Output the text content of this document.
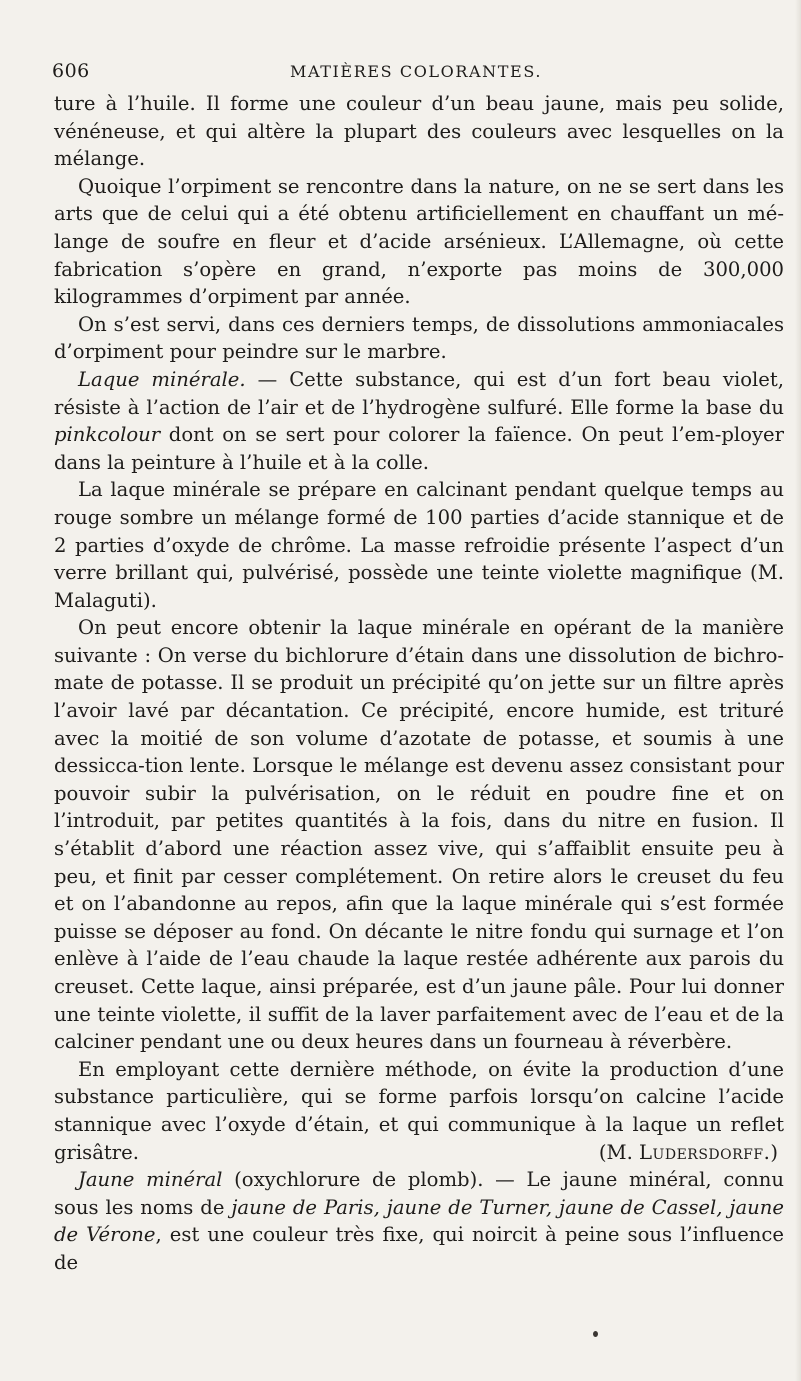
606	MATIÈRES COLORANTES.

ture à l’huile. Il forme une couleur d’un beau jaune, mais peu solide, vénéneuse, et qui altère la plupart des couleurs avec lesquelles on la mélange.

Quoique l’orpiment se rencontre dans la nature, on ne se sert dans les arts que de celui qui a été obtenu artificiellement en chauffant un mé-lange de soufre en fleur et d’acide arsénieux. L’Allemagne, où cette fabrication s’opère en grand, n’exporte pas moins de 300,000 kilogrammes d’orpiment par année.

On s’est servi, dans ces derniers temps, de dissolutions ammoniacales d’orpiment pour peindre sur le marbre.

Laque minérale. — Cette substance, qui est d’un fort beau violet, résiste à l’action de l’air et de l’hydrogène sulfuré. Elle forme la base du pinkcolour dont on se sert pour colorer la faïence. On peut l’em-ployer dans la peinture à l’huile et à la colle.

La laque minérale se prépare en calcinant pendant quelque temps au rouge sombre un mélange formé de 100 parties d’acide stannique et de 2 parties d’oxyde de chrôme. La masse refroidie présente l’aspect d’un verre brillant qui, pulvérisé, possède une teinte violette magnifique (M. Malaguti).

On peut encore obtenir la laque minérale en opérant de la manière suivante : On verse du bichlorure d’étain dans une dissolution de bichro-mate de potasse. Il se produit un précipité qu’on jette sur un filtre après l’avoir lavé par décantation. Ce précipité, encore humide, est trituré avec la moitié de son volume d’azotate de potasse, et soumis à une dessicca-tion lente. Lorsque le mélange est devenu assez consistant pour pouvoir subir la pulvérisation, on le réduit en poudre fine et on l’introduit, par petites quantités à la fois, dans du nitre en fusion. Il s’établit d’abord une réaction assez vive, qui s’affaiblit ensuite peu à peu, et finit par cesser complétement. On retire alors le creuset du feu et on l’abandonne au repos, afin que la laque minérale qui s’est formée puisse se déposer au fond. On décante le nitre fondu qui surnage et l’on enlève à l’aide de l’eau chaude la laque restée adhérente aux parois du creuset. Cette laque, ainsi préparée, est d’un jaune pâle. Pour lui donner une teinte violette, il suffit de la laver parfaitement avec de l’eau et de la calciner pendant une ou deux heures dans un fourneau à réverbère.

En employant cette dernière méthode, on évite la production d’une substance particulière, qui se forme parfois lorsqu’on calcine l’acide stannique avec l’oxyde d’étain, et qui communique à la laque un reflet grisâtre.	(M. Ludersdorff.)

Jaune minéral (oxychlorure de plomb). — Le jaune minéral, connu sous les noms de jaune de Paris, jaune de Turner, jaune de Cassel, jaune de Vérone, est une couleur très fixe, qui noircit à peine sous l’influence de
